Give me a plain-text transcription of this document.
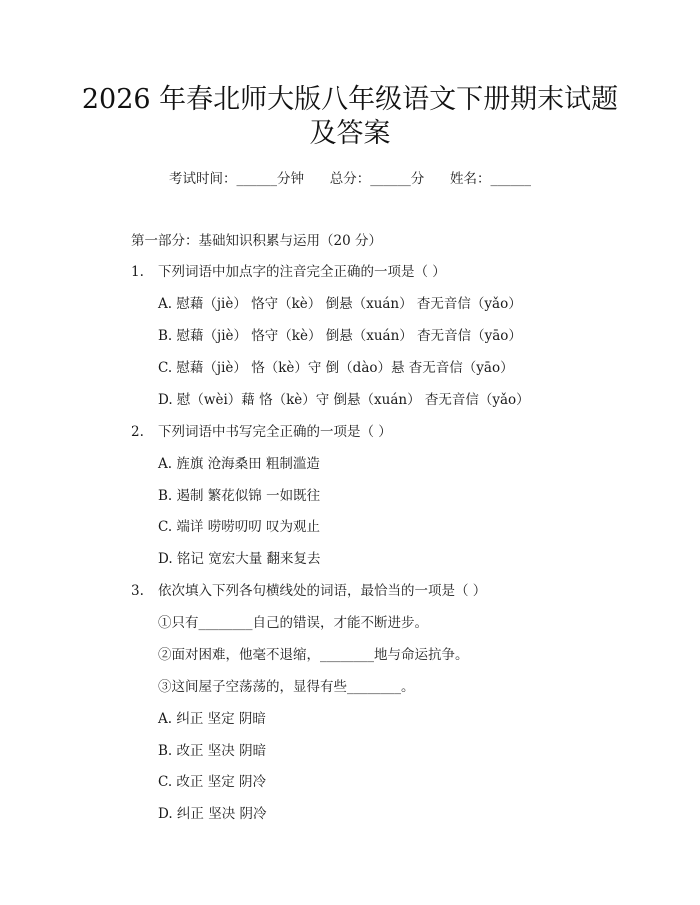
2026 年春北师大版八年级语文下册期末试题
及答案
考试时间：______分钟      总分：______分      姓名：______
第一部分：基础知识积累与运用（20 分）
1. 下列词语中加点字的注音完全正确的一项是（ ）
A. 慰藉（jiè） 恪守（kè） 倒悬（xuán） 杳无音信（yǎo）
B. 慰藉（jiè） 恪守（kè） 倒悬（xuán） 杳无音信（yāo）
C. 慰藉（jiè） 恪（kè）守 倒（dào）悬 杳无音信（yāo）
D. 慰（wèi）藉 恪（kè）守 倒悬（xuán） 杳无音信（yǎo）
2. 下列词语中书写完全正确的一项是（ ）
A. 旌旗 沧海桑田 粗制滥造
B. 遏制 繁花似锦 一如既往
C. 端详 唠唠叨叨 叹为观止
D. 铭记 宽宏大量 翻来复去
3. 依次填入下列各句横线处的词语，最恰当的一项是（ ）
①只有________自己的错误，才能不断进步。
②面对困难，他毫不退缩，________地与命运抗争。
③这间屋子空荡荡的，显得有些________。
A. 纠正 坚定 阴暗
B. 改正 坚决 阴暗
C. 改正 坚定 阴冷
D. 纠正 坚决 阴冷
